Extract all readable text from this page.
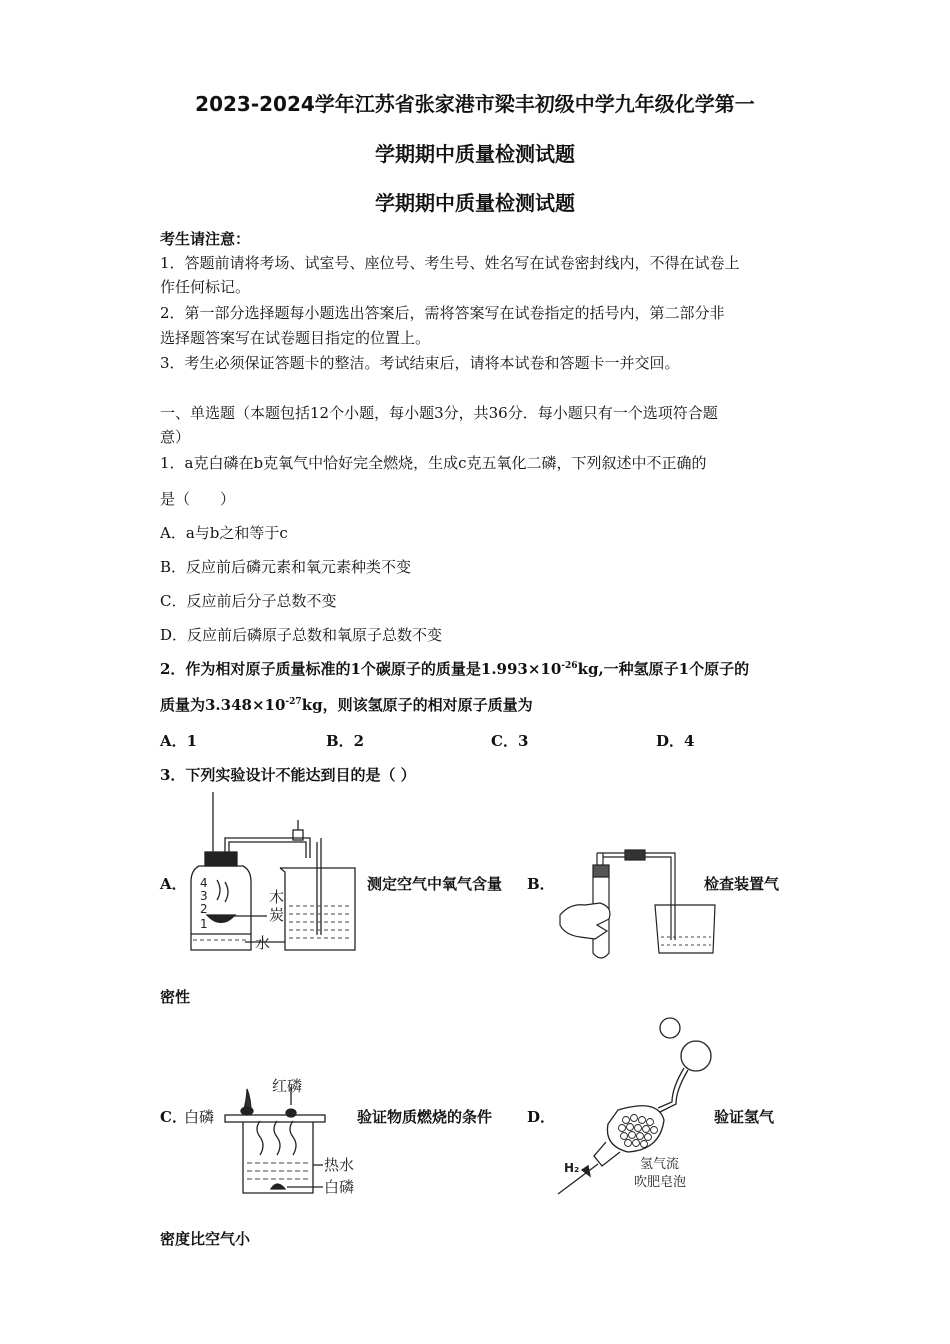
2023-2024学年江苏省张家港市梁丰初级中学九年级化学第一
学期期中质量检测试题
学期期中质量检测试题
考生请注意：
1．答题前请将考场、试室号、座位号、考生号、姓名写在试卷密封线内，不得在试卷上
作任何标记。
2．第一部分选择题每小题选出答案后，需将答案写在试卷指定的括号内，第二部分非
选择题答案写在试卷题目指定的位置上。
3．考生必须保证答题卡的整洁。考试结束后，请将本试卷和答题卡一并交回。
一、单选题（本题包括12个小题，每小题3分，共36分．每小题只有一个选项符合题
意）
1．a克白磷在b克氧气中恰好完全燃烧，生成c克五氧化二磷，下列叙述中不正确的
是（　　）
A．a与b之和等于c
B．反应前后磷元素和氧元素种类不变
C．反应前后分子总数不变
D．反应前后磷原子总数和氧原子总数不变
2．作为相对原子质量标准的1个碳原子的质量是$1.993\times 10^{-26}kg$,一种氢原子1个原子的
质量为$3.348\times 10^{-27}kg$，则该氢原子的相对原子质量为
A．1	B．2	C．3	D．4
3．下列实验设计不能达到目的是（ ）
A．	测定空气中氧气含量 B．	检查装置气
密性
C．	验证物质燃烧的条件 D．	验证氢气
密度比空气小
4
3
2
1
木
炭
水
红磷
热水
白磷
白磷
H₂	氢气流
吹肥皂泡
